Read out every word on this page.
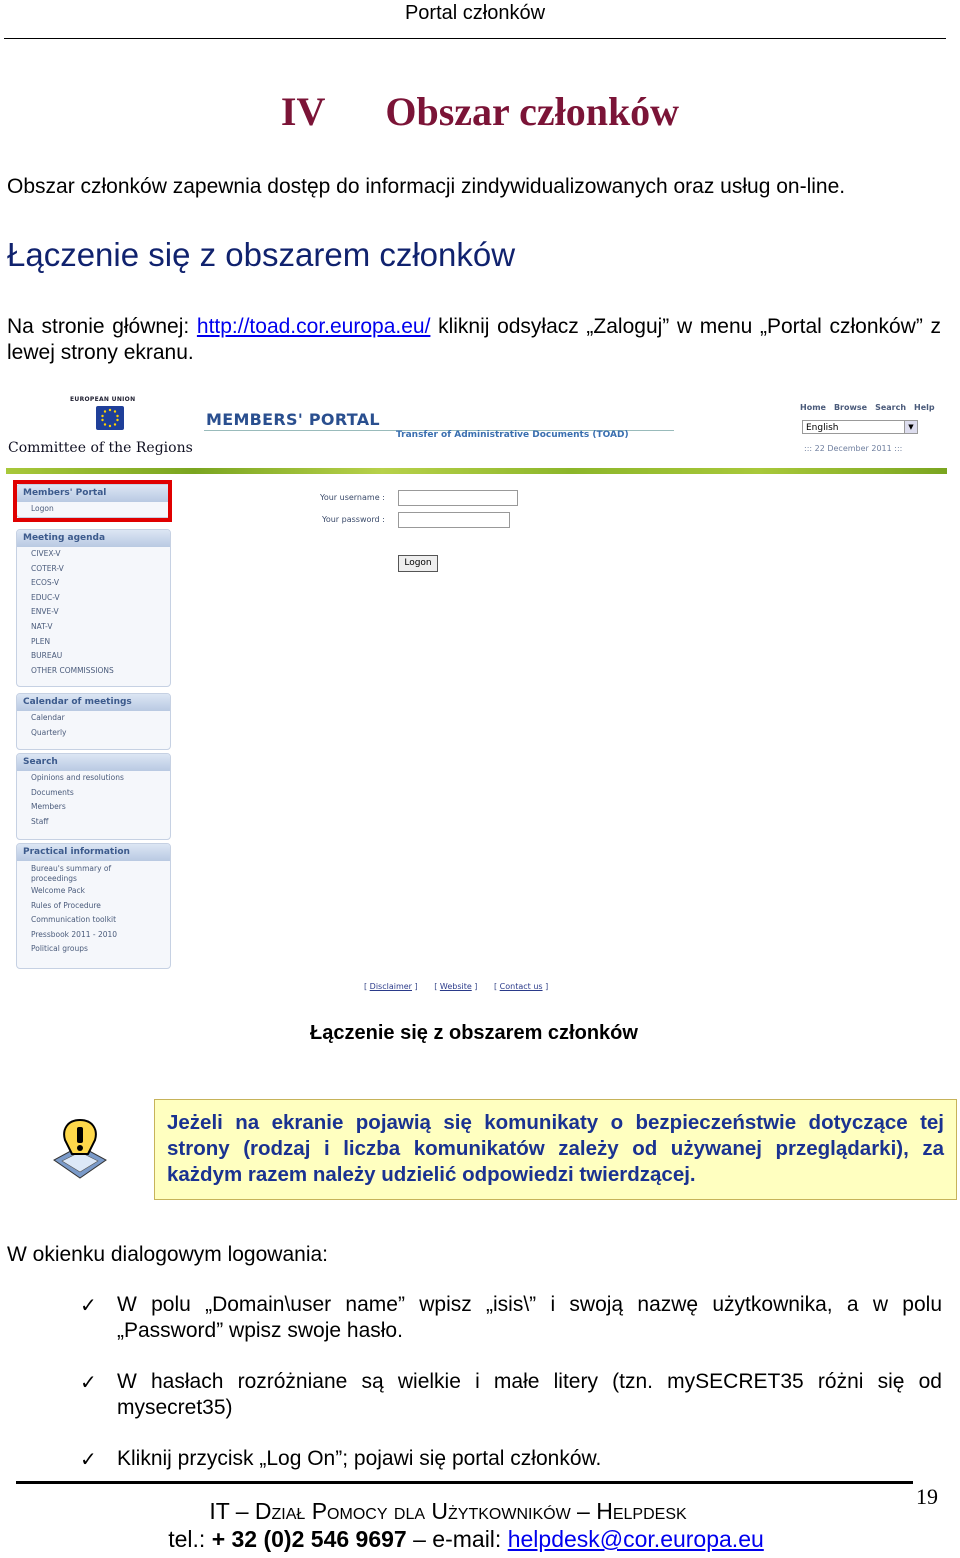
Portal członków
IV Obszar członków
Obszar członków zapewnia dostęp do informacji zindywidualizowanych oraz usług on-line.
Łączenie się z obszarem członków
Na stronie głównej: http://toad.cor.europa.eu/ kliknij odsyłacz „Zaloguj” w menu „Portal członków” z lewej strony ekranu.
EUROPEAN UNION
Committee of the Regions
MEMBERS' PORTAL
Transfer of Administrative Documents (TOAD)
Home Browse Search Help
English	▼
::: 22 December 2011 :::
Members' Portal
Logon
Meeting agenda
CIVEX-V
COTER-V
ECOS-V
EDUC-V
ENVE-V
NAT-V
PLEN
BUREAU
OTHER COMMISSIONS
Calendar of meetings
Calendar
Quarterly
Search
Opinions and resolutions
Documents
Members
Staff
Practical information
Bureau's summary of
proceedings
Welcome Pack
Rules of Procedure
Communication toolkit
Pressbook 2011 - 2010
Political groups
Your username :
Your password :
Logon
[ Disclaimer ] [ Website ] [ Contact us ]
Łączenie się z obszarem członków
Jeżeli na ekranie pojawią się komunikaty o bezpieczeństwie dotyczące tej strony (rodzaj i liczba komunikatów zależy od używanej przeglądarki), za każdym razem należy udzielić odpowiedzi twierdzącej.
W okienku dialogowym logowania:
✓ W polu „Domain\user name” wpisz „isis\” i swoją nazwę użytkownika, a w polu „Password” wpisz swoje hasło.
✓ W hasłach rozróżniane są wielkie i małe litery (tzn. mySECRET35 różni się od mysecret35)
✓ Kliknij przycisk „Log On”; pojawi się portal członków.
19
IT – Dział Pomocy dla Użytkowników – Helpdesk
tel.: + 32 (0)2 546 9697 – e-mail: helpdesk@cor.europa.eu
